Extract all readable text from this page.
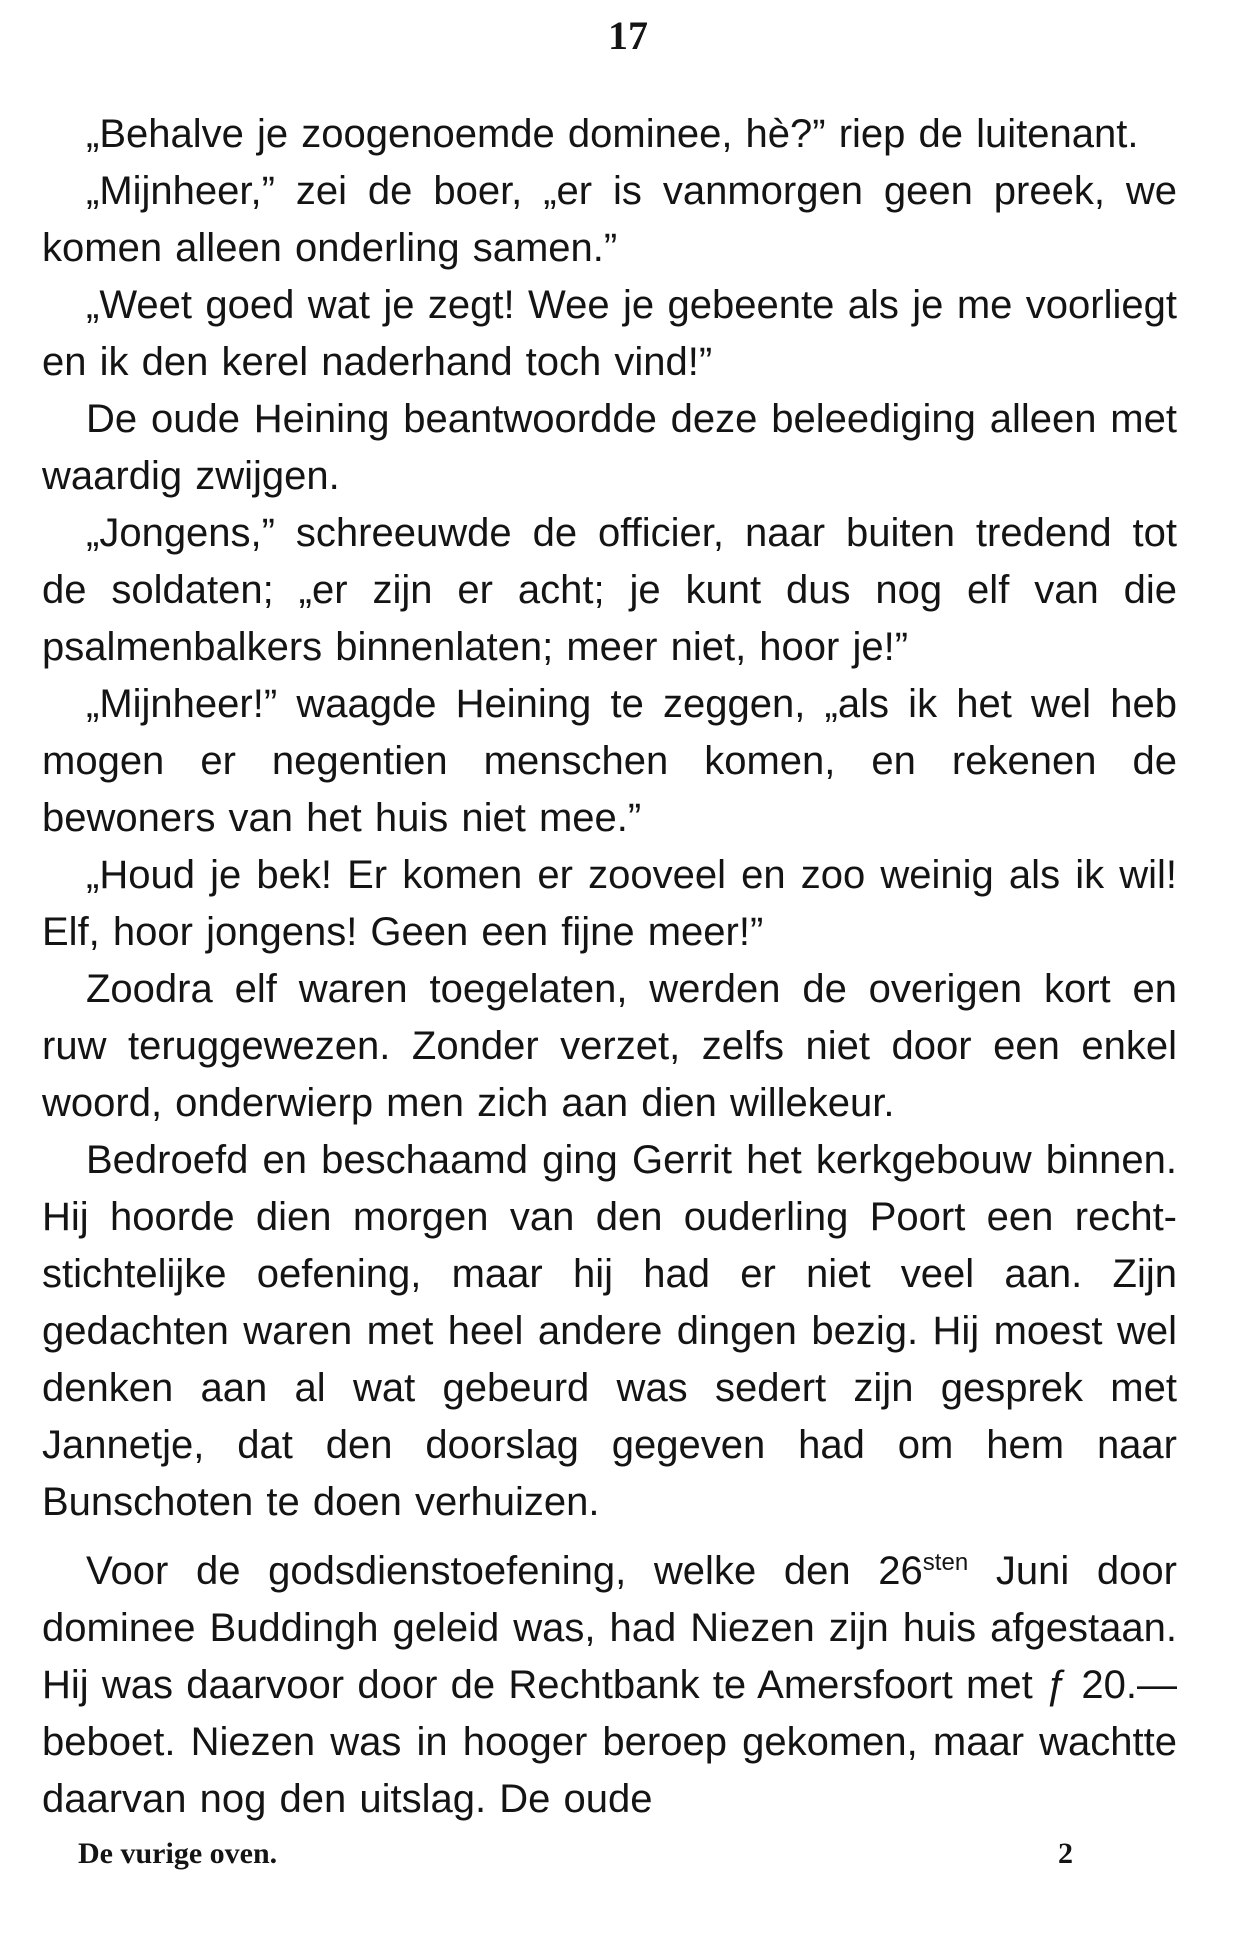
17

„Behalve je zoogenoemde dominee, hè?” riep de luitenant.

„Mijnheer,” zei de boer, „er is vanmorgen geen preek, we komen alleen onderling samen.”

„Weet goed wat je zegt! Wee je gebeente als je me voorliegt en ik den kerel naderhand toch vind!”

De oude Heining beantwoordde deze beleediging alleen met waardig zwijgen.

„Jongens,” schreeuwde de officier, naar buiten tredend tot de soldaten; „er zijn er acht; je kunt dus nog elf van die psalmenbalkers binnenlaten; meer niet, hoor je!”

„Mijnheer!” waagde Heining te zeggen, „als ik het wel heb mogen er negentien menschen komen, en rekenen de bewoners van het huis niet mee.”

„Houd je bek! Er komen er zooveel en zoo weinig als ik wil! Elf, hoor jongens! Geen een fijne meer!”

Zoodra elf waren toegelaten, werden de overigen kort en ruw teruggewezen. Zonder verzet, zelfs niet door een enkel woord, onderwierp men zich aan dien willekeur.

Bedroefd en beschaamd ging Gerrit het kerkgebouw binnen. Hij hoorde dien morgen van den ouderling Poort een recht-stichtelijke oefening, maar hij had er niet veel aan. Zijn gedachten waren met heel andere dingen bezig. Hij moest wel denken aan al wat gebeurd was sedert zijn gesprek met Jannetje, dat den doorslag gegeven had om hem naar Bunschoten te doen verhuizen.

Voor de godsdienstoefening, welke den $26^{sten}$ Juni door dominee Buddingh geleid was, had Niezen zijn huis afgestaan. Hij was daarvoor door de Rechtbank te Amersfoort met ƒ 20.— beboet. Niezen was in hooger beroep gekomen, maar wachtte daarvan nog den uitslag. De oude

De vurige oven.	2
